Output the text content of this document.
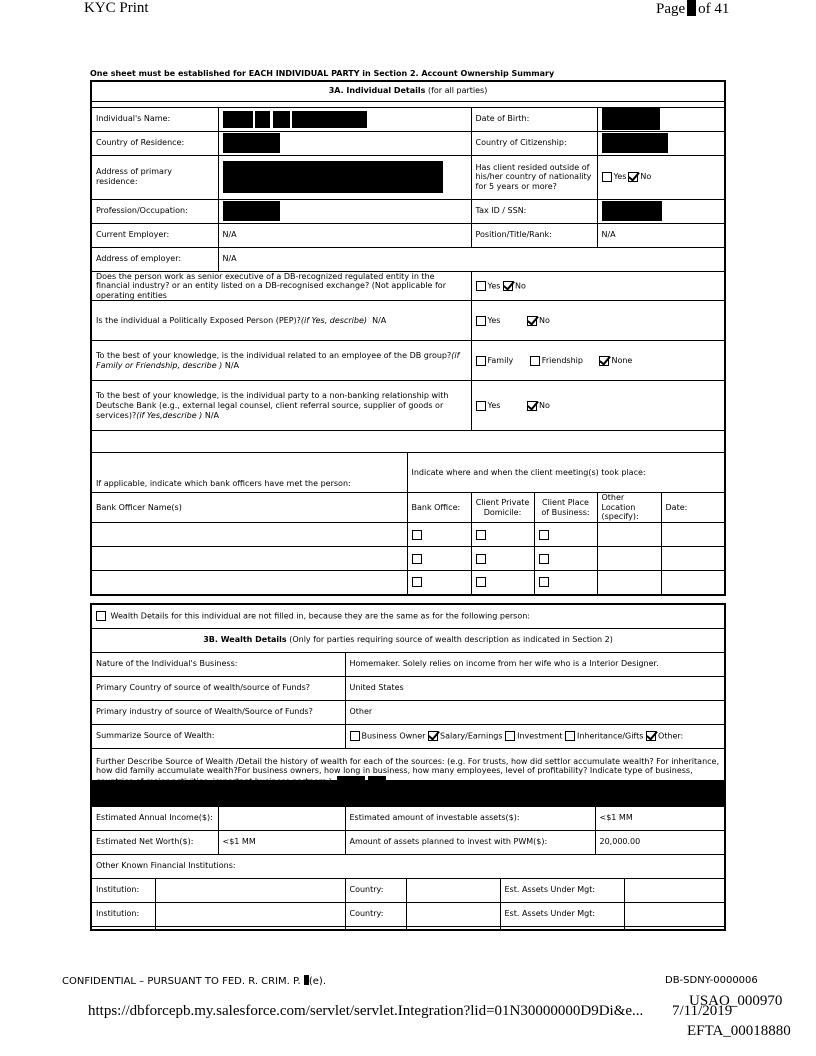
KYC Print	Page of 41
One sheet must be established for EACH INDIVIDUAL PARTY in Section 2. Account Ownership Summary
3A. Individual Details (for all parties)						

Individual's Name:			Date of Birth:			
Country of Residence:			Country of Citizenship:			
Address of primary residence:			Has client resided outside of his/her country of nationality for 5 years or more?		Yes No	
Profession/Occupation:			Tax ID / SSN:			
Current Employer:	N/A		Position/Title/Rank:		N/A	
Address of employer:	N/A					
Does the person work as senior executive of a DB-recognized regulated entity in the financial industry? or an entity listed on a DB-recognised exchange? (Not applicable for operating entities			Yes No			
Is the individual a Politically Exposed Person (PEP)?(if Yes, describe) N/A			Yes No			
To the best of your knowledge, is the individual related to an employee of the DB group?(if Family or Friendship, describe ) N/A			Family Friendship None			
To the best of your knowledge, is the individual party to a non-banking relationship with Deutsche Bank (e.g., external legal counsel, client referral source, supplier of goods or services)?(if Yes,describe ) N/A			Yes No			

If applicable, indicate which bank officers have met the person:		Indicate where and when the client meeting(s) took place:				
Bank Officer Name(s)		Bank Office:	Client Private Domicile:	Client Place of Business:	Other Location (specify):	Date:

Wealth Details for this individual are not filled in, because they are the same as for the following person:							
3B. Wealth Details (Only for parties requiring source of wealth description as indicated in Section 2)							
Nature of the Individual's Business:			Homemaker. Solely relies on income from her wife who is a Interior Designer.				
Primary Country of source of wealth/source of Funds?			United States				
Primary industry of source of Wealth/Source of Funds?			Other				
Summarize Source of Wealth:			Business Owner Salary/Earnings Investment Inheritance/Gifts Other:				
Further Describe Source of Wealth /Detail the history of wealth for each of the sources: (e.g. For trusts, how did settlor accumulate wealth? For inheritance, how did family accumulate wealth?For business owners, how long in business, how many employees, level of profitability? Indicate type of business,							

Estimated Annual Income($):			Estimated amount of investable assets($):			<$1 MM	
Estimated Net Worth($):		<$1 MM	Amount of assets planned to invest with PWM($):			20,000.00	
Other Known Financial Institutions:							
Institution:			Country:		Est. Assets Under Mgt:		
Institution:			Country:		Est. Assets Under Mgt:		

CONFIDENTIAL – PURSUANT TO FED. R. CRIM. P. (e).	DB-SDNY-0000006
https://dbforcepb.my.salesforce.com/servlet/servlet.Integration?lid=01N30000000D9Di&e...
USAO_000970
7/11/2019
EFTA_00018880
